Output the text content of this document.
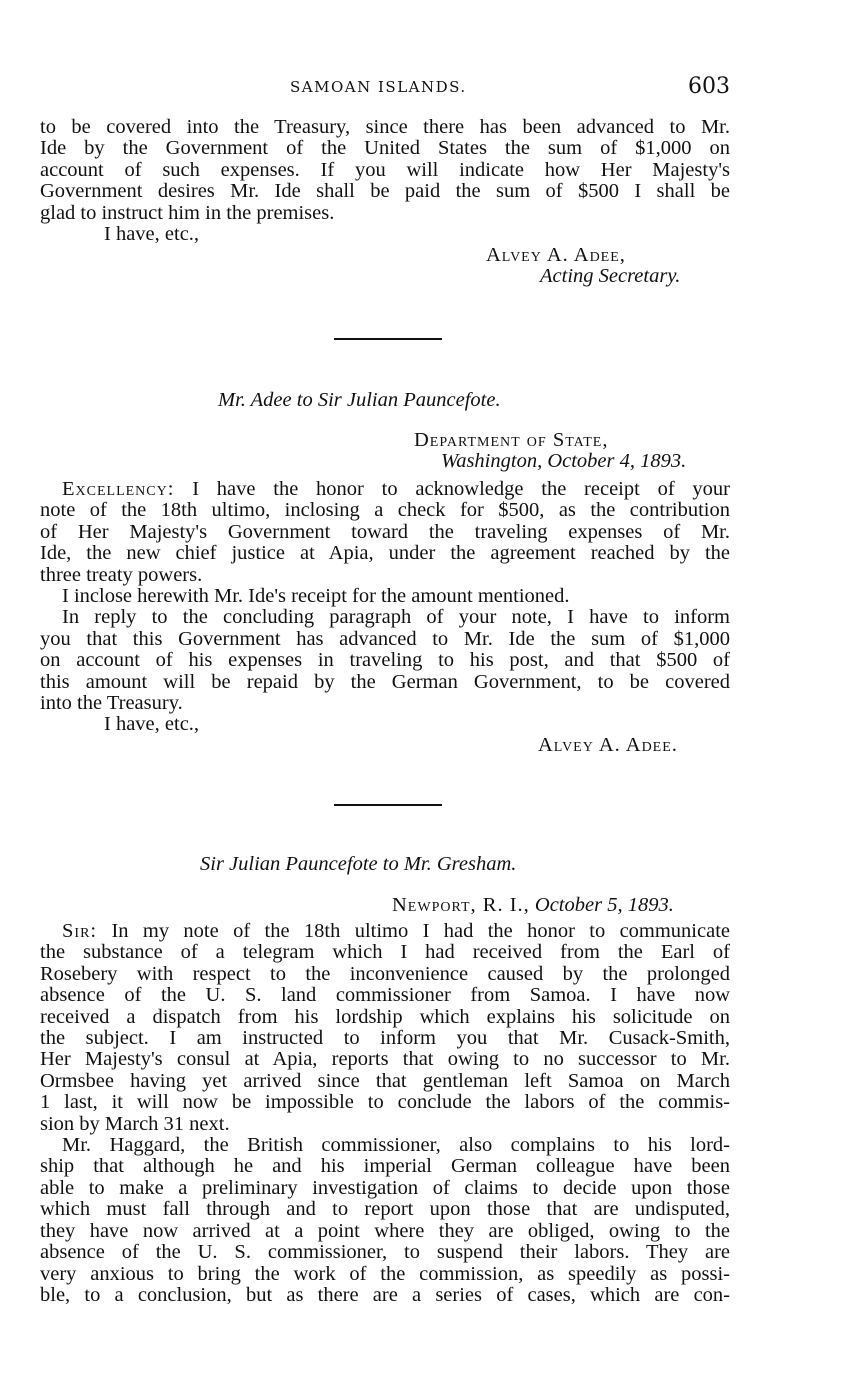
SAMOAN ISLANDS.	603
to be covered into the Treasury, since there has been advanced to Mr.
Ide by the Government of the United States the sum of $1,000 on
account of such expenses. If you will indicate how Her Majesty's
Government desires Mr. Ide shall be paid the sum of $500 I shall be
glad to instruct him in the premises.
I have, etc.,
Alvey A. Adee,
Acting Secretary.
Mr. Adee to Sir Julian Pauncefote.
Department of State,
Washington, October 4, 1893.
Excellency: I have the honor to acknowledge the receipt of your
note of the 18th ultimo, inclosing a check for $500, as the contribution
of Her Majesty's Government toward the traveling expenses of Mr.
Ide, the new chief justice at Apia, under the agreement reached by the
three treaty powers.
I inclose herewith Mr. Ide's receipt for the amount mentioned.
In reply to the concluding paragraph of your note, I have to inform
you that this Government has advanced to Mr. Ide the sum of $1,000
on account of his expenses in traveling to his post, and that $500 of
this amount will be repaid by the German Government, to be covered
into the Treasury.
I have, etc.,
Alvey A. Adee.
Sir Julian Pauncefote to Mr. Gresham.
Newport, R. I., October 5, 1893.
Sir: In my note of the 18th ultimo I had the honor to communicate
the substance of a telegram which I had received from the Earl of
Rosebery with respect to the inconvenience caused by the prolonged
absence of the U. S. land commissioner from Samoa. I have now
received a dispatch from his lordship which explains his solicitude on
the subject. I am instructed to inform you that Mr. Cusack-Smith,
Her Majesty's consul at Apia, reports that owing to no successor to Mr.
Ormsbee having yet arrived since that gentleman left Samoa on March
1 last, it will now be impossible to conclude the labors of the commis-
sion by March 31 next.
Mr. Haggard, the British commissioner, also complains to his lord-
ship that although he and his imperial German colleague have been
able to make a preliminary investigation of claims to decide upon those
which must fall through and to report upon those that are undisputed,
they have now arrived at a point where they are obliged, owing to the
absence of the U. S. commissioner, to suspend their labors. They are
very anxious to bring the work of the commission, as speedily as possi-
ble, to a conclusion, but as there are a series of cases, which are con-
